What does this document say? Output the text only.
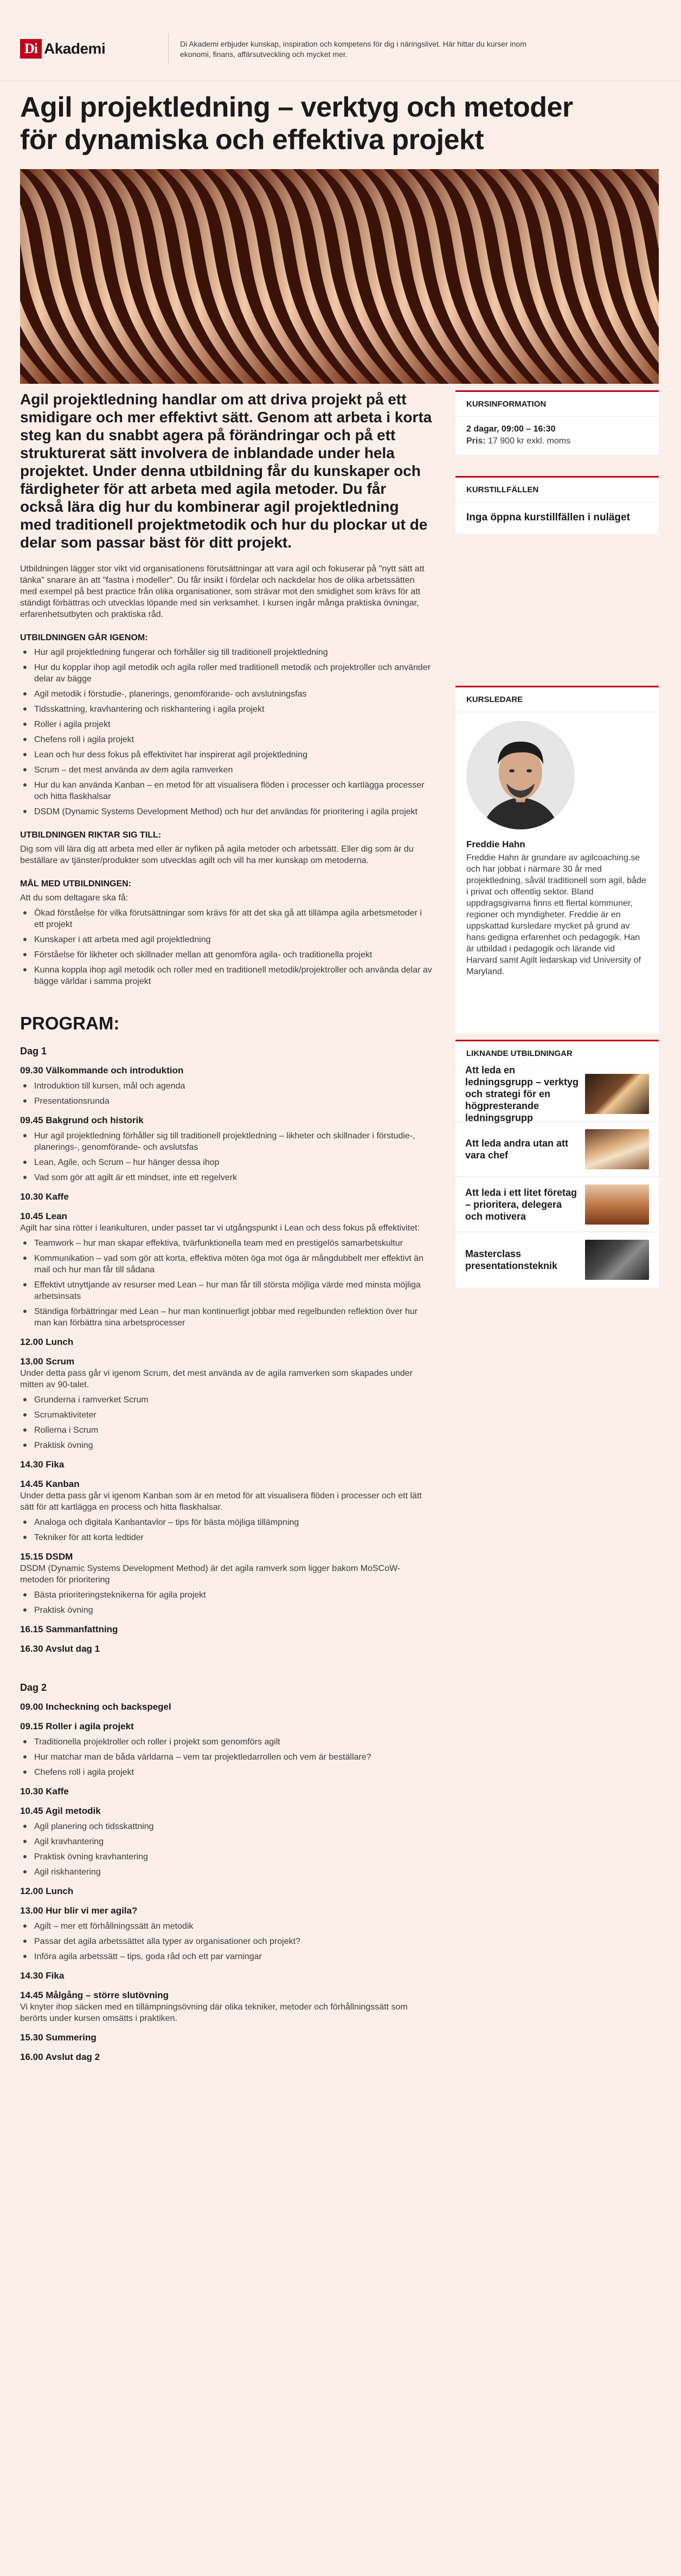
Di Akademi	Di Akademi erbjuder kunskap, inspiration och kompetens för dig i näringslivet. Här hittar du kurser inom ekonomi, finans, affärsutveckling och mycket mer.
Agil projektledning – verktyg och metoder för dynamiska och effektiva projekt

Agil projektledning handlar om att driva projekt på ett smidigare och mer effektivt sätt. Genom att arbeta i korta steg kan du snabbt agera på förändringar och på ett strukturerat sätt involvera de inblandade under hela projektet. Under denna utbildning får du kunskaper och färdigheter för att arbeta med agila metoder. Du får också lära dig hur du kombinerar agil projektledning med traditionell projektmetodik och hur du plockar ut de delar som passar bäst för ditt projekt.

Utbildningen lägger stor vikt vid organisationens förutsättningar att vara agil och fokuserar på "nytt sätt att tänka" snarare än att "fastna i modeller". Du får insikt i fördelar och nackdelar hos de olika arbetssätten med exempel på best practice från olika organisationer, som strävar mot den smidighet som krävs för att ständigt förbättras och utvecklas löpande med sin verksamhet. I kursen ingår många praktiska övningar, erfarenhetsutbyten och praktiska råd.

UTBILDNINGEN GÅR IGENOM:
Hur agil projektledning fungerar och förhåller sig till traditionell projektledning
Hur du kopplar ihop agil metodik och agila roller med traditionell metodik och projektroller och använder delar av bägge
Agil metodik i förstudie-, planerings, genomförande- och avslutningsfas
Tidsskattning, kravhantering och riskhantering i agila projekt
Roller i agila projekt
Chefens roll i agila projekt
Lean och hur dess fokus på effektivitet har inspirerat agil projektledning
Scrum – det mest använda av dem agila ramverken
Hur du kan använda Kanban – en metod för att visualisera flöden i processer och kartlägga processer och hitta flaskhalsar
DSDM (Dynamic Systems Development Method) och hur det användas för prioritering i agila projekt
UTBILDNINGEN RIKTAR SIG TILL:

Dig som vill lära dig att arbeta med eller är nyfiken på agila metoder och arbetssätt. Eller dig som är du beställare av tjänster/produkter som utvecklas agilt och vill ha mer kunskap om metoderna.

MÅL MED UTBILDNINGEN:

Att du som deltagare ska få:

Ökad förståelse för vilka förutsättningar som krävs för att det ska gå att tillämpa agila arbetsmetoder i ett projekt
Kunskaper i att arbeta med agil projektledning
Förståelse för likheter och skillnader mellan att genomföra agila- och traditionella projekt
Kunna koppla ihop agil metodik och roller med en traditionell metodik/projektroller och använda delar av bägge världar i samma projekt
PROGRAM:
Dag 1
09.30 Välkommande och introduktion
Introduktion till kursen, mål och agenda
Presentationsrunda
09.45 Bakgrund och historik
Hur agil projektledning förhåller sig till traditionell projektledning – likheter och skillnader i förstudie-, planerings-, genomförande- och avslutsfas
Lean, Agile, och Scrum – hur hänger dessa ihop
Vad som gör att agilt är ett mindset, inte ett regelverk
10.30 Kaffe
10.45 Lean
Agilt har sina rötter i leankulturen, under passet tar vi utgångspunkt i Lean och dess fokus på effektivitet:
Teamwork – hur man skapar effektiva, tvärfunktionella team med en prestigelös samarbetskultur
Kommunikation – vad som gör att korta, effektiva möten öga mot öga är mångdubbelt mer effektivt än mail och hur man får till sådana
Effektivt utnyttjande av resurser med Lean – hur man får till största möjliga värde med minsta möjliga arbetsinsats
Ständiga förbättringar med Lean – hur man kontinuerligt jobbar med regelbunden reflektion över hur man kan förbättra sina arbetsprocesser
12.00 Lunch
13.00 Scrum
Under detta pass går vi igenom Scrum, det mest använda av de agila ramverken som skapades under mitten av 90-talet.
Grunderna i ramverket Scrum
Scrumaktiviteter
Rollerna i Scrum
Praktisk övning
14.30 Fika
14.45 Kanban
Under detta pass går vi igenom Kanban som är en metod för att visualisera flöden i processer och ett lätt sätt för att kartlägga en process och hitta flaskhalsar.
Analoga och digitala Kanbantavlor – tips för bästa möjliga tillämpning
Tekniker för att korta ledtider
15.15 DSDM
DSDM (Dynamic Systems Development Method) är det agila ramverk som ligger bakom MoSCoW-metoden för prioritering
Bästa prioriteringsteknikerna för agila projekt
Praktisk övning
16.15 Sammanfattning
16.30 Avslut dag 1
Dag 2
09.00 Incheckning och backspegel
09.15 Roller i agila projekt
Traditionella projektroller och roller i projekt som genomförs agilt
Hur matchar man de båda världarna – vem tar projektledarrollen och vem är beställare?
Chefens roll i agila projekt
10.30 Kaffe
10.45 Agil metodik
Agil planering och tidsskattning
Agil kravhantering
Praktisk övning kravhantering
Agil riskhantering
12.00 Lunch
13.00 Hur blir vi mer agila?
Agilt – mer ett förhållningssätt än metodik
Passar det agila arbetssättet alla typer av organisationer och projekt?
Införa agila arbetssätt – tips, goda råd och ett par varningar
14.30 Fika
14.45 Målgång – större slutövning
Vi knyter ihop säcken med en tillämpningsövning där olika tekniker, metoder och förhållningssätt som berörts under kursen omsätts i praktiken.
15.30 Summering
16.00 Avslut dag 2
KURSINFORMATION
2 dagar, 09:00 – 16:30
Pris: 17 900 kr exkl. moms
KURSTILLFÄLLEN
Inga öppna kurstillfällen i nuläget
KURSLEDARE
Freddie Hahn

Freddie Hahn är grundare av agilcoaching.se och har jobbat i närmare 30 år med projektledning, såväl traditionell som agil, både i privat och offentlig sektor. Bland uppdragsgivarna finns ett flertal kommuner, regioner och myndigheter. Freddie är en uppskattad kursledare mycket på grund av hans gedigna erfarenhet och pedagogik. Han är utbildad i pedagogik och lärande vid Harvard samt Agilt ledarskap vid University of Maryland.

LIKNANDE UTBILDNINGAR
Att leda en ledningsgrupp – verktyg och strategi för en högpresterande ledningsgrupp
Att leda andra utan att vara chef
Att leda i ett litet företag – prioritera, delegera och motivera
Masterclass presentationsteknik
